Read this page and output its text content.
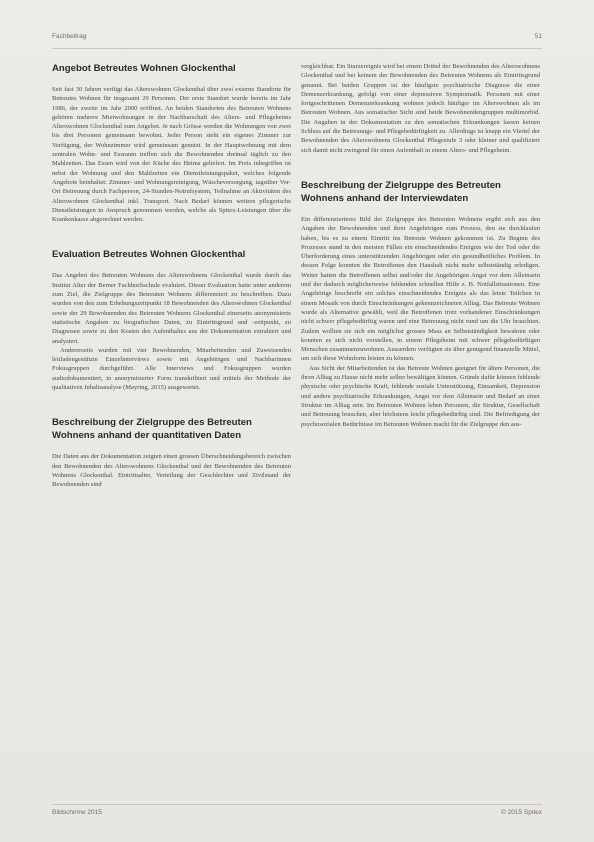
Fachbeitrag	51
Angebot Betreutes Wohnen Glockenthal

Seit fast 30 Jahren verfügt das Alterswohnen Glockenthal über zwei externe Standorte für Betreutes Wohnen für insgesamt 29 Personen. Der erste Standort wurde bereits im Jahr 1986, der zweite im Jahr 2000 eröffnet. An beiden Standorten des Betreuten Wohnens gehören mehrere Mietwohnungen in der Nachbarschaft des Alters- und Pflegeheims Alterswohnen Glockenthal zum Angebot. Je nach Grösse werden die Wohnungen von zwei bis drei Personen gemeinsam bewohnt. Jeder Person steht ein eigenes Zimmer zur Verfügung, der Wohnzimmer wird gemeinsam genutzt. In der Hauptwohnung mit dem zentralen Wohn- und Essraum treffen sich die Bewohnenden dreimal täglich zu den Mahlzeiten. Das Essen wird von der Küche des Heims geliefert. Im Preis inbegriffen ist nebst der Wohnung und den Mahlzeiten ein Dienstleistungspaket, welches folgende Angebote beinhaltet: Zimmer- und Wohnungsreinigung, Wäscheversorgung, tagsüber Vor-Ort Betreuung durch Fachperson, 24-Stunden-Notrufsystem, Teilnahme an Aktivitäten des Alterswohnen Glockenthal inkl. Transport. Nach Bedarf können weitere pflegerische Dienstleistungen in Anspruch genommen werden, welche als Spitex-Leistungen über die Krankenkasse abgerechnet werden.

Evaluation Betreutes Wohnen Glockenthal

Das Angebot des Betreuten Wohnens des Alterswohnens Glockenthal wurde durch das Institut Alter der Berner Fachhochschule evaluiert. Dieser Evaluation hatte unter anderem zum Ziel, die Zielgruppe des Betreuten Wohnens differenziert zu beschreiben. Dazu wurden von den zum Erhebungszeitpunkt 18 Bewohnenden des Alterswohnen Glockenthal sowie der 29 Bewohnenden des Betreuten Wohnens Glockenthal einerseits anonymisierte statistische Angaben zu biografischen Daten, zu Eintrittsgrund und -zeitpunkt, zu Diagnosen sowie zu den Kosten des Aufenthaltes aus der Dokumentation extrahiert und analysiert.

Andererseits wurden mit vier Bewohnenden, Mitarbeitenden und Zuweisenden leitfadengestützte Einzelinterviews sowie mit Angehörigen und Nachbarinnen Fokusgruppen durchgeführt. Alle Interviews und Fokusgruppen wurden audiodokumentiert, in anonymisierter Form transkribiert und mittels der Methode der qualitativen Inhaltsanalyse (Mayring, 2015) ausgewertet.

Beschreibung der Zielgruppe des Betreuten Wohnens anhand der quantitativen Daten

Die Daten aus der Dokumentation zeigten einen grossen Überschneidungsbereich zwischen den Bewohnenden des Alterswohnens Glockenthal und der Bewohnenden des Betreuten Wohnens Glockenthal. Eintrittsalter, Verteilung der Geschlechter und Zivilstand der Bewohnenden sind

vergleichbar. Ein Sturzereignis wird bei einem Drittel der Bewohnenden des Alterswohnens Glockenthal und bei keinem der Bewohnenden des Betreuten Wohnens als Eintrittsgrund genannt. Bei beiden Gruppen ist der häufigste psychiatrische Diagnose die einer Demenzerkrankung, gefolgt von einer depressiven Symptomatik. Personen mit einer fortgeschrittenen Demenzerkrankung wohnen jedoch häufiger im Alterswohnen als im Betreuten Wohnen. Aus somatischer Sicht sind beide Bewohnendengruppen multimorbid. Die Angaben in der Dokumentation zu den somatischen Erkrankungen lassen keinen Schluss auf die Betreuungs- und Pflegebedürftigkeit zu. Allerdings ist knapp ein Viertel der Bewohnenden des Alterswohnens Glockenthal Pflegestufe 3 oder kleiner und qualifiziert sich damit nicht zwingend für einen Aufenthalt in einem Alters- und Pflegeheim.

Beschreibung der Zielgruppe des Betreuten Wohnens anhand der Interviewdaten

Ein differenzierteres Bild der Zielgruppe des Betreuten Wohnens ergibt sich aus den Angaben der Bewohnenden und ihrer Angehörigen zum Prozess, den sie durchlaufen haben, bis es zu einem Eintritt ins Betreute Wohnen gekommen ist. Zu Beginn des Prozesses stand in den meisten Fällen ein einschneidendes Ereignis wie der Tod oder die Überforderung eines unterstützenden Angehörigen oder ein gesundheitliches Problem. In dessen Folge konnten die Betroffenen den Haushalt nicht mehr selbstständig erledigen. Weiter hatten die Betroffenen selbst und/oder die Angehörigen Angst vor dem Alleinsein und der dadurch möglicherweise fehlenden schnellen Hilfe z. B. Notfallsituationen. Eine Angehörige beschreibt ein solches einschneidendes Ereignis als das letzte Teilchen in einem Mosaik von durch Einschränkungen gekennzeichneten Alltag. Das Betreute Wohnen wurde als Alternative gewählt, weil die Betroffenen trotz vorhandener Einschränkungen nicht schwer pflegebedürftig waren und eine Betreuung nicht rund um die Uhr brauchten. Zudem wollten sie sich ein möglichst grosses Mass an Selbstständigkeit bewahren oder konnten es sich nicht vorstellen, in einem Pflegeheim mit schwer pflegebedürftigen Menschen zusammenzuwohnen. Ausserdem verfügten sie über genügend finanzielle Mittel, um sich diese Wohnform leisten zu können.

Aus Sicht der Mitarbeitenden ist das Betreute Wohnen geeignet für ältere Personen, die ihren Alltag zu Hause nicht mehr selber bewältigen können. Gründe dafür können fehlende physische oder psychische Kraft, fehlende soziale Unterstützung, Einsamkeit, Depression und andere psychiatrische Erkrankungen, Angst vor dem Alleinsein und Bedarf an einer Struktur im Alltag sein. Im Betreuten Wohnen leben Personen, die Struktur, Gesellschaft und Betreuung brauchen, aber höchstens leicht pflegebedürftig sind. Die Befriedigung der psychosozialen Bedürfnisse im Betreuten Wohnen macht für die Zielgruppe den aus-

Bildschirme 2015	© 2015 Spitex
